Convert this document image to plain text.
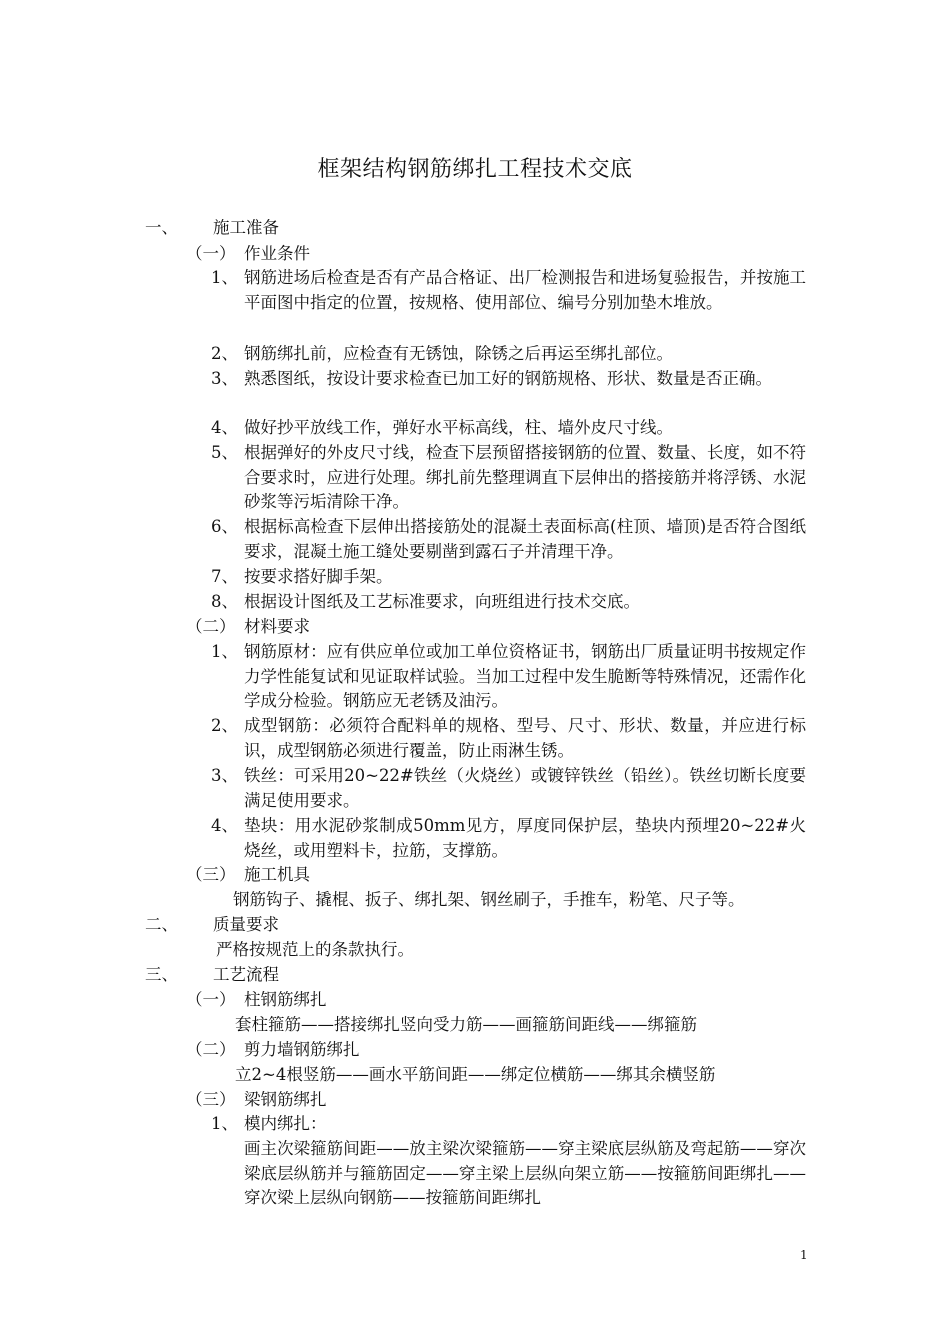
框架结构钢筋绑扎工程技术交底
一、 施工准备
（一） 作业条件
1、 钢筋进场后检查是否有产品合格证、出厂检测报告和进场复验报告，并按施工平面图中指定的位置，按规格、使用部位、编号分别加垫木堆放。
2、 钢筋绑扎前，应检查有无锈蚀，除锈之后再运至绑扎部位。
3、 熟悉图纸，按设计要求检查已加工好的钢筋规格、形状、数量是否正确。
4、 做好抄平放线工作，弹好水平标高线，柱、墙外皮尺寸线。
5、 根据弹好的外皮尺寸线，检查下层预留搭接钢筋的位置、数量、长度，如不符合要求时，应进行处理。绑扎前先整理调直下层伸出的搭接筋并将浮锈、水泥砂浆等污垢清除干净。
6、 根据标高检查下层伸出搭接筋处的混凝土表面标高(柱顶、墙顶)是否符合图纸要求，混凝土施工缝处要剔凿到露石子并清理干净。
7、 按要求搭好脚手架。
8、 根据设计图纸及工艺标准要求，向班组进行技术交底。
（二） 材料要求
1、 钢筋原材：应有供应单位或加工单位资格证书，钢筋出厂质量证明书按规定作力学性能复试和见证取样试验。当加工过程中发生脆断等特殊情况，还需作化学成分检验。钢筋应无老锈及油污。
2、 成型钢筋：必须符合配料单的规格、型号、尺寸、形状、数量，并应进行标识，成型钢筋必须进行覆盖，防止雨淋生锈。
3、 铁丝：可采用20~22#铁丝（火烧丝）或镀锌铁丝（铅丝）。铁丝切断长度要满足使用要求。
4、 垫块：用水泥砂浆制成50mm见方，厚度同保护层，垫块内预埋20~22#火烧丝，或用塑料卡，拉筋，支撑筋。
（三） 施工机具
钢筋钩子、撬棍、扳子、绑扎架、钢丝刷子，手推车，粉笔、尺子等。
二、 质量要求
严格按规范上的条款执行。
三、 工艺流程
（一） 柱钢筋绑扎
套柱箍筋——搭接绑扎竖向受力筋——画箍筋间距线——绑箍筋
（二） 剪力墙钢筋绑扎
立2~4根竖筋——画水平筋间距——绑定位横筋——绑其余横竖筋
（三） 梁钢筋绑扎
1、 模内绑扎：
画主次梁箍筋间距——放主梁次梁箍筋——穿主梁底层纵筋及弯起筋——穿次梁底层纵筋并与箍筋固定——穿主梁上层纵向架立筋——按箍筋间距绑扎——穿次梁上层纵向钢筋——按箍筋间距绑扎
1
